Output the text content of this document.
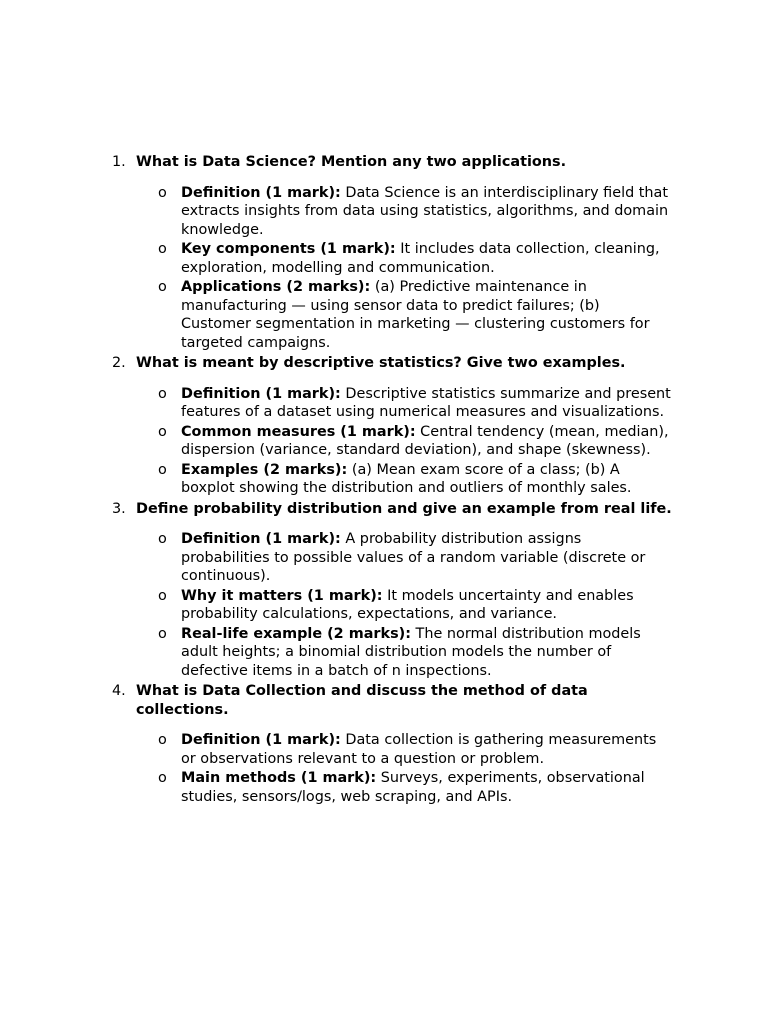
1. What is Data Science? Mention any two applications.
o Definition (1 mark): Data Science is an interdisciplinary field that extracts insights from data using statistics, algorithms, and domain knowledge.
o Key components (1 mark): It includes data collection, cleaning, exploration, modelling and communication.
o Applications (2 marks): (a) Predictive maintenance in manufacturing — using sensor data to predict failures; (b) Customer segmentation in marketing — clustering customers for targeted campaigns.
2. What is meant by descriptive statistics? Give two examples.
o Definition (1 mark): Descriptive statistics summarize and present features of a dataset using numerical measures and visualizations.
o Common measures (1 mark): Central tendency (mean, median), dispersion (variance, standard deviation), and shape (skewness).
o Examples (2 marks): (a) Mean exam score of a class; (b) A boxplot showing the distribution and outliers of monthly sales.
3. Define probability distribution and give an example from real life.
o Definition (1 mark): A probability distribution assigns probabilities to possible values of a random variable (discrete or continuous).
o Why it matters (1 mark): It models uncertainty and enables probability calculations, expectations, and variance.
o Real-life example (2 marks): The normal distribution models adult heights; a binomial distribution models the number of defective items in a batch of n inspections.
4. What is Data Collection and discuss the method of data collections.
o Definition (1 mark): Data collection is gathering measurements or observations relevant to a question or problem.
o Main methods (1 mark): Surveys, experiments, observational studies, sensors/logs, web scraping, and APIs.
